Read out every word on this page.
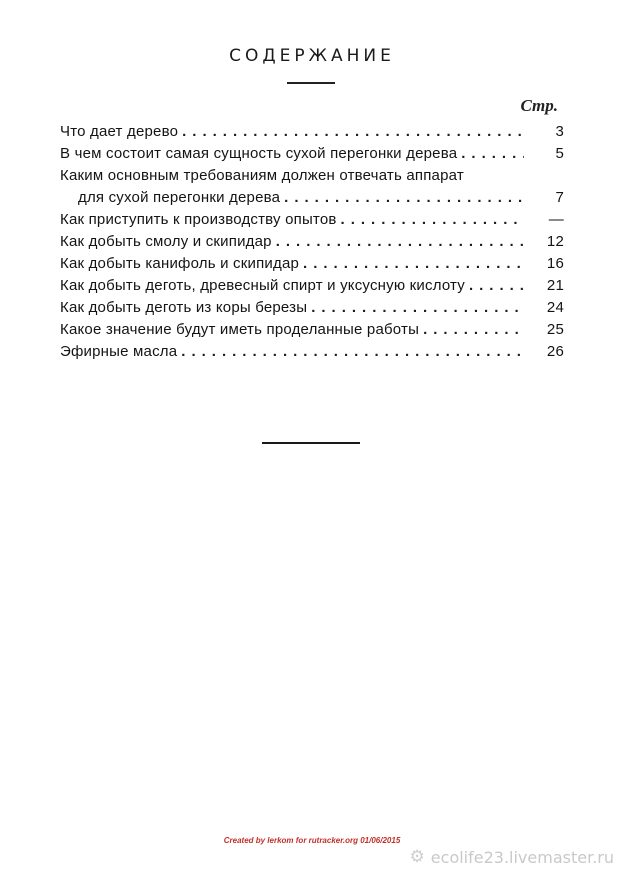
СОДЕРЖАНИЕ
Стр.
Что дает дерево .....	3
В чем состоит самая сущность сухой перегонки дерева .....	5
Каким основным требованиям должен отвечать аппарат
для сухой перегонки дерева .....	7
Как приступить к производству опытов .....	—
Как добыть смолу и скипидар .....	12
Как добыть канифоль и скипидар .....	16
Как добыть деготь, древесный спирт и уксусную кислоту .....	21
Как добыть деготь из коры березы .....	24
Какое значение будут иметь проделанные работы .....	25
Эфирные масла .....	26
Created by lerkom for rutracker.org 01/06/2015
⚙ ecolife23.livemaster.ru
